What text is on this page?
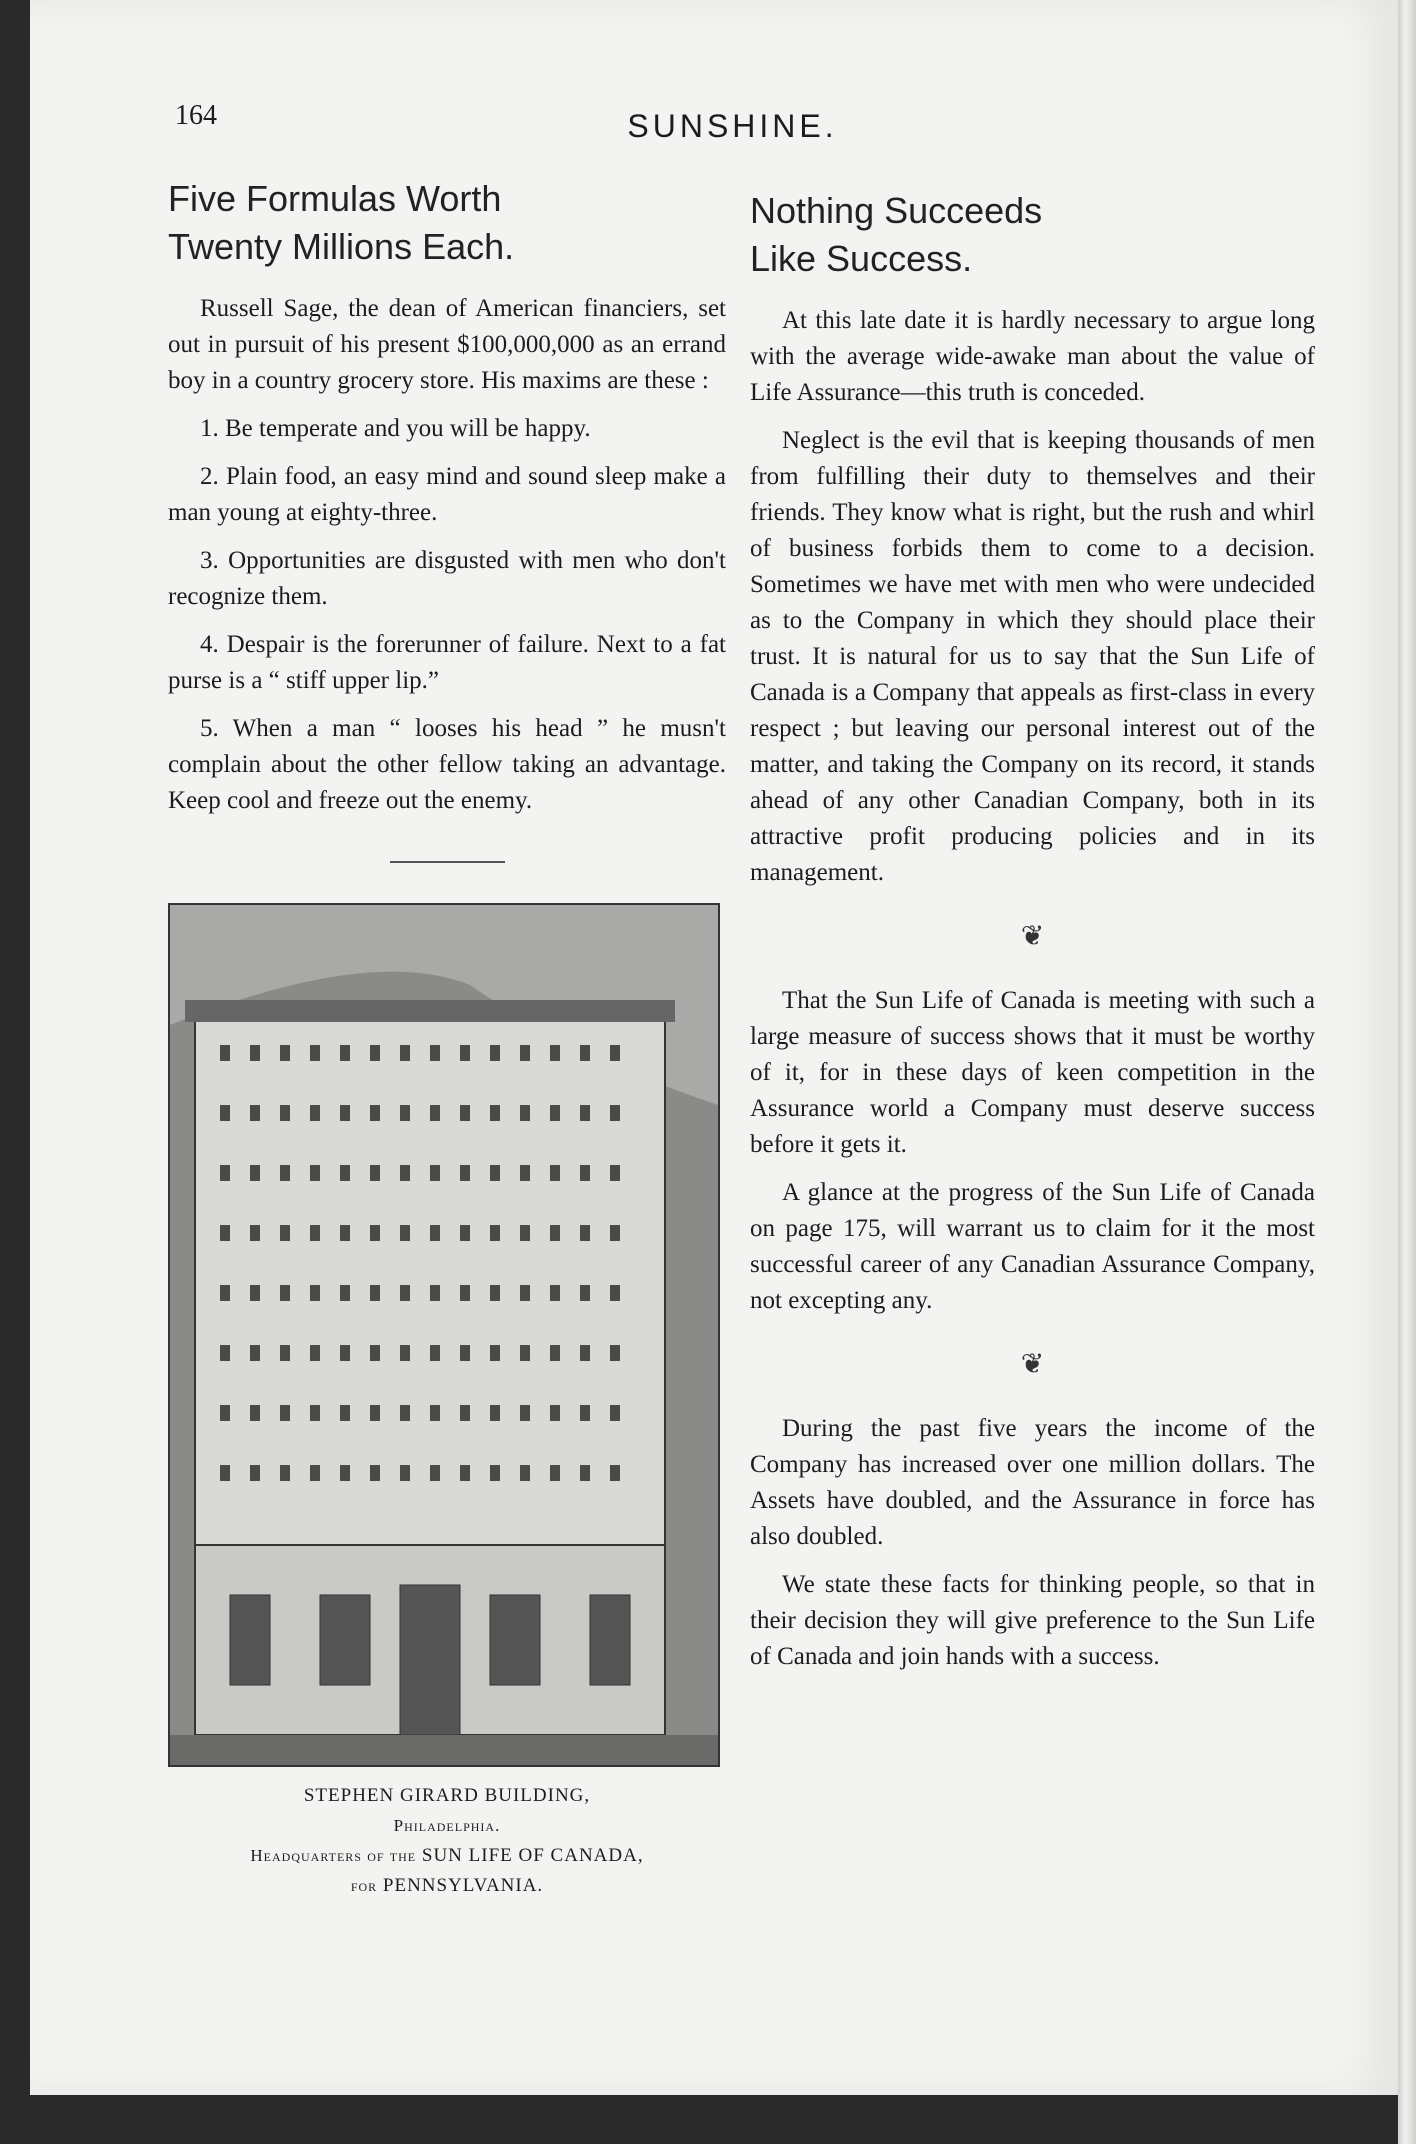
164	SUNSHINE.
Five Formulas Worth
Twenty Millions Each.

Russell Sage, the dean of American financiers, set out in pursuit of his present $100,000,000 as an errand boy in a country grocery store. His maxims are these :

1. Be temperate and you will be happy.

2. Plain food, an easy mind and sound sleep make a man young at eighty-three.

3. Opportunities are disgusted with men who don't recognize them.

4. Despair is the forerunner of failure. Next to a fat purse is a “ stiff upper lip.”

5. When a man “ looses his head ” he musn't complain about the other fellow taking an advantage. Keep cool and freeze out the enemy.

STEPHEN GIRARD BUILDING,
Philadelphia.
Headquarters of the SUN LIFE OF CANADA,
for PENNSYLVANIA.
Nothing Succeeds
Like Success.

At this late date it is hardly necessary to argue long with the average wide-awake man about the value of Life Assurance—this truth is conceded.

Neglect is the evil that is keeping thousands of men from fulfilling their duty to themselves and their friends. They know what is right, but the rush and whirl of business forbids them to come to a decision. Sometimes we have met with men who were undecided as to the Company in which they should place their trust. It is natural for us to say that the Sun Life of Canada is a Company that appeals as first-class in every respect ; but leaving our personal interest out of the matter, and taking the Company on its record, it stands ahead of any other Canadian Company, both in its attractive profit producing policies and in its management.

❦

That the Sun Life of Canada is meeting with such a large measure of success shows that it must be worthy of it, for in these days of keen competition in the Assurance world a Company must deserve success before it gets it.

A glance at the progress of the Sun Life of Canada on page 175, will warrant us to claim for it the most successful career of any Canadian Assurance Company, not excepting any.

❦

During the past five years the income of the Company has increased over one million dollars. The Assets have doubled, and the Assurance in force has also doubled.

We state these facts for thinking people, so that in their decision they will give preference to the Sun Life of Canada and join hands with a success.
